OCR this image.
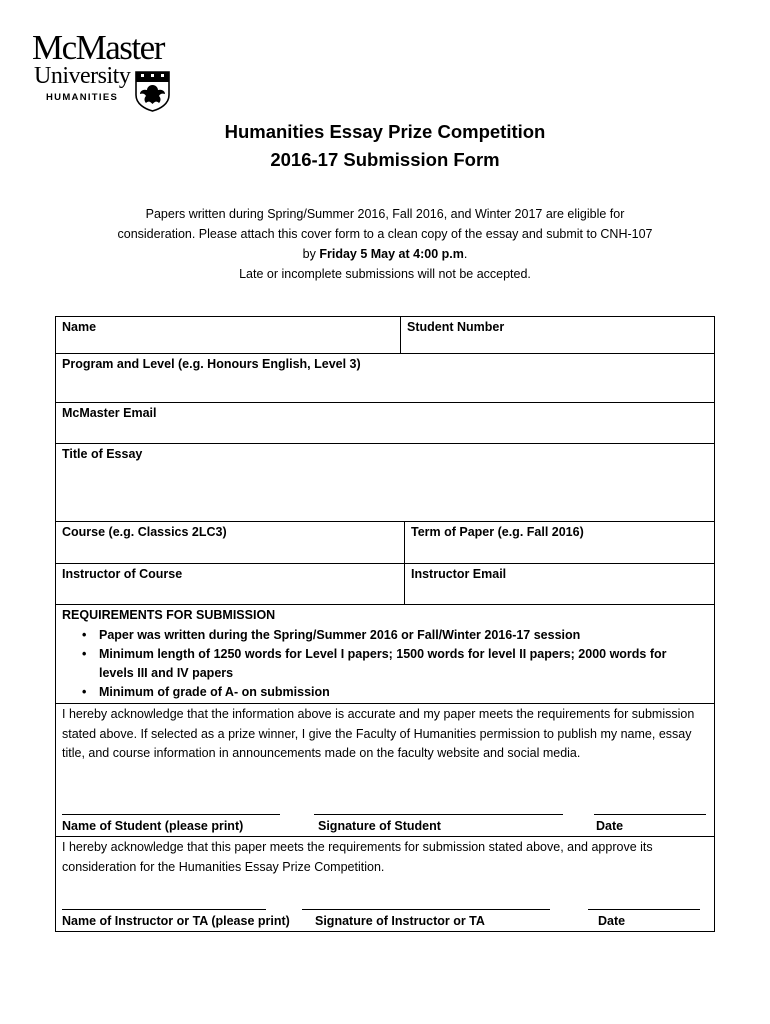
McMaster
University
HUMANITIES
Humanities Essay Prize Competition
2016-17 Submission Form
Papers written during Spring/Summer 2016, Fall 2016, and Winter 2017 are eligible for
consideration. Please attach this cover form to a clean copy of the essay and submit to CNH-107
by Friday 5 May at 4:00 p.m.
Late or incomplete submissions will not be accepted.
Name	Student Number
Program and Level (e.g. Honours English, Level 3)
McMaster Email
Title of Essay
Course (e.g. Classics 2LC3)	Term of Paper (e.g. Fall 2016)
Instructor of Course	Instructor Email
REQUIREMENTS FOR SUBMISSION
• Paper was written during the Spring/Summer 2016 or Fall/Winter 2016-17 session
• Minimum length of 1250 words for Level I papers; 1500 words for level II papers; 2000 words for levels III and IV papers
• Minimum of grade of A- on submission
I hereby acknowledge that the information above is accurate and my paper meets the requirements for submission stated above. If selected as a prize winner, I give the Faculty of Humanities permission to publish my name, essay title, and course information in announcements made on the faculty website and social media.
Name of Student (please print)	Signature of Student	Date
I hereby acknowledge that this paper meets the requirements for submission stated above, and approve its consideration for the Humanities Essay Prize Competition.
Name of Instructor or TA (please print) Signature of Instructor or TA	Date
